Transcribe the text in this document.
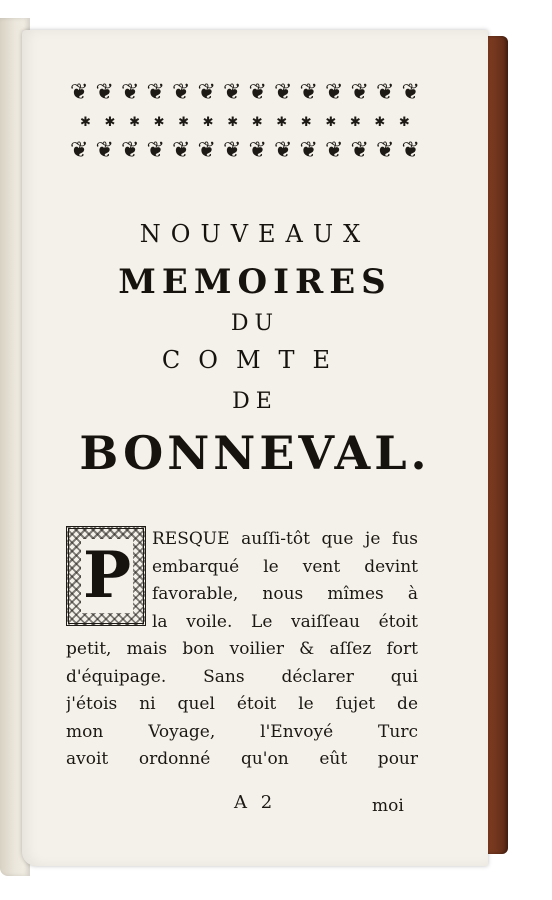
❦ ❦ ❦ ❦ ❦ ❦ ❦ ❦ ❦ ❦ ❦ ❦ ❦ ❦
✱ ✱ ✱ ✱ ✱ ✱ ✱ ✱ ✱ ✱ ✱ ✱ ✱ ✱
❦ ❦ ❦ ❦ ❦ ❦ ❦ ❦ ❦ ❦ ❦ ❦ ❦ ❦
NOUVEAUX
MEMOIRES
DU
COMTE
DE
BONNEVAL.
P	RESQUE auſſi-tôt que je fus
embarqué le vent devint
favorable, nous mîmes à
la voile. Le vaiſſeau étoit
petit, mais bon voilier & aſſez fort
d'équipage. Sans déclarer qui
j'étois ni quel étoit le ſujet de
mon Voyage, l'Envoyé Turc
avoit ordonné qu'on eût pour
A 2	moi
